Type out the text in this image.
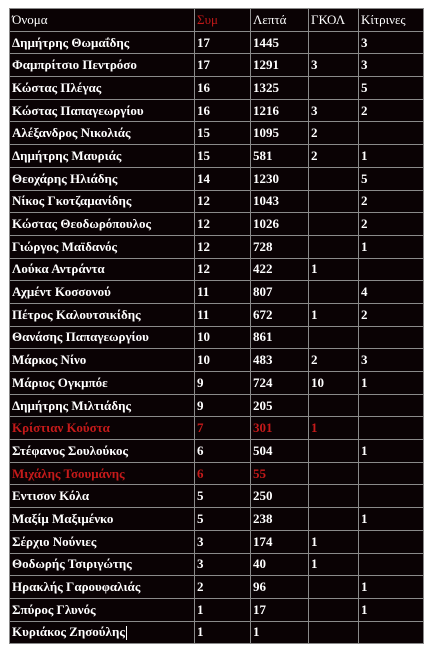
Όνομα	Συμ	Λεπτά	ΓΚΟΛ	Κίτρινες
Δημήτρης Θωμαΐδης	17	1445		3
Φαμπρίτσιο Πεντρόσο	17	1291	3	3
Κώστας Πλέγας	16	1325		5
Κώστας Παπαγεωργίου	16	1216	3	2
Αλέξανδρος Νικολιάς	15	1095	2	
Δημήτρης Μαυριάς	15	581	2	1
Θεοχάρης Ηλιάδης	14	1230		5
Νίκος Γκοτζαμανίδης	12	1043		2
Κώστας Θεοδωρόπουλος	12	1026		2
Γιώργος Μαϊδανός	12	728		1
Λούκα Αντράντα	12	422	1	
Αχμέντ Κοσσονού	11	807		4
Πέτρος Καλουτσικίδης	11	672	1	2
Θανάσης Παπαγεωργίου	10	861		
Μάρκος Νίνο	10	483	2	3
Μάριος Ογκμπόε	9	724	10	1
Δημήτρης Μιλτιάδης	9	205		
Κρίστιαν Κούστα	7	301	1	
Στέφανος Σουλούκος	6	504		1
Μιχάλης Τσουμάνης	6	55		
Εντισον Κόλα	5	250		
Μαξίμ Μαξιμένκο	5	238		1
Σέρχιο Νούνιες	3	174	1	
Θοδωρής Τσιριγώτης	3	40	1	
Ηρακλής Γαρουφαλιάς	2	96		1
Σπύρος Γλυνός	1	17		1
Κυριάκος Ζησούλης	1	1		
